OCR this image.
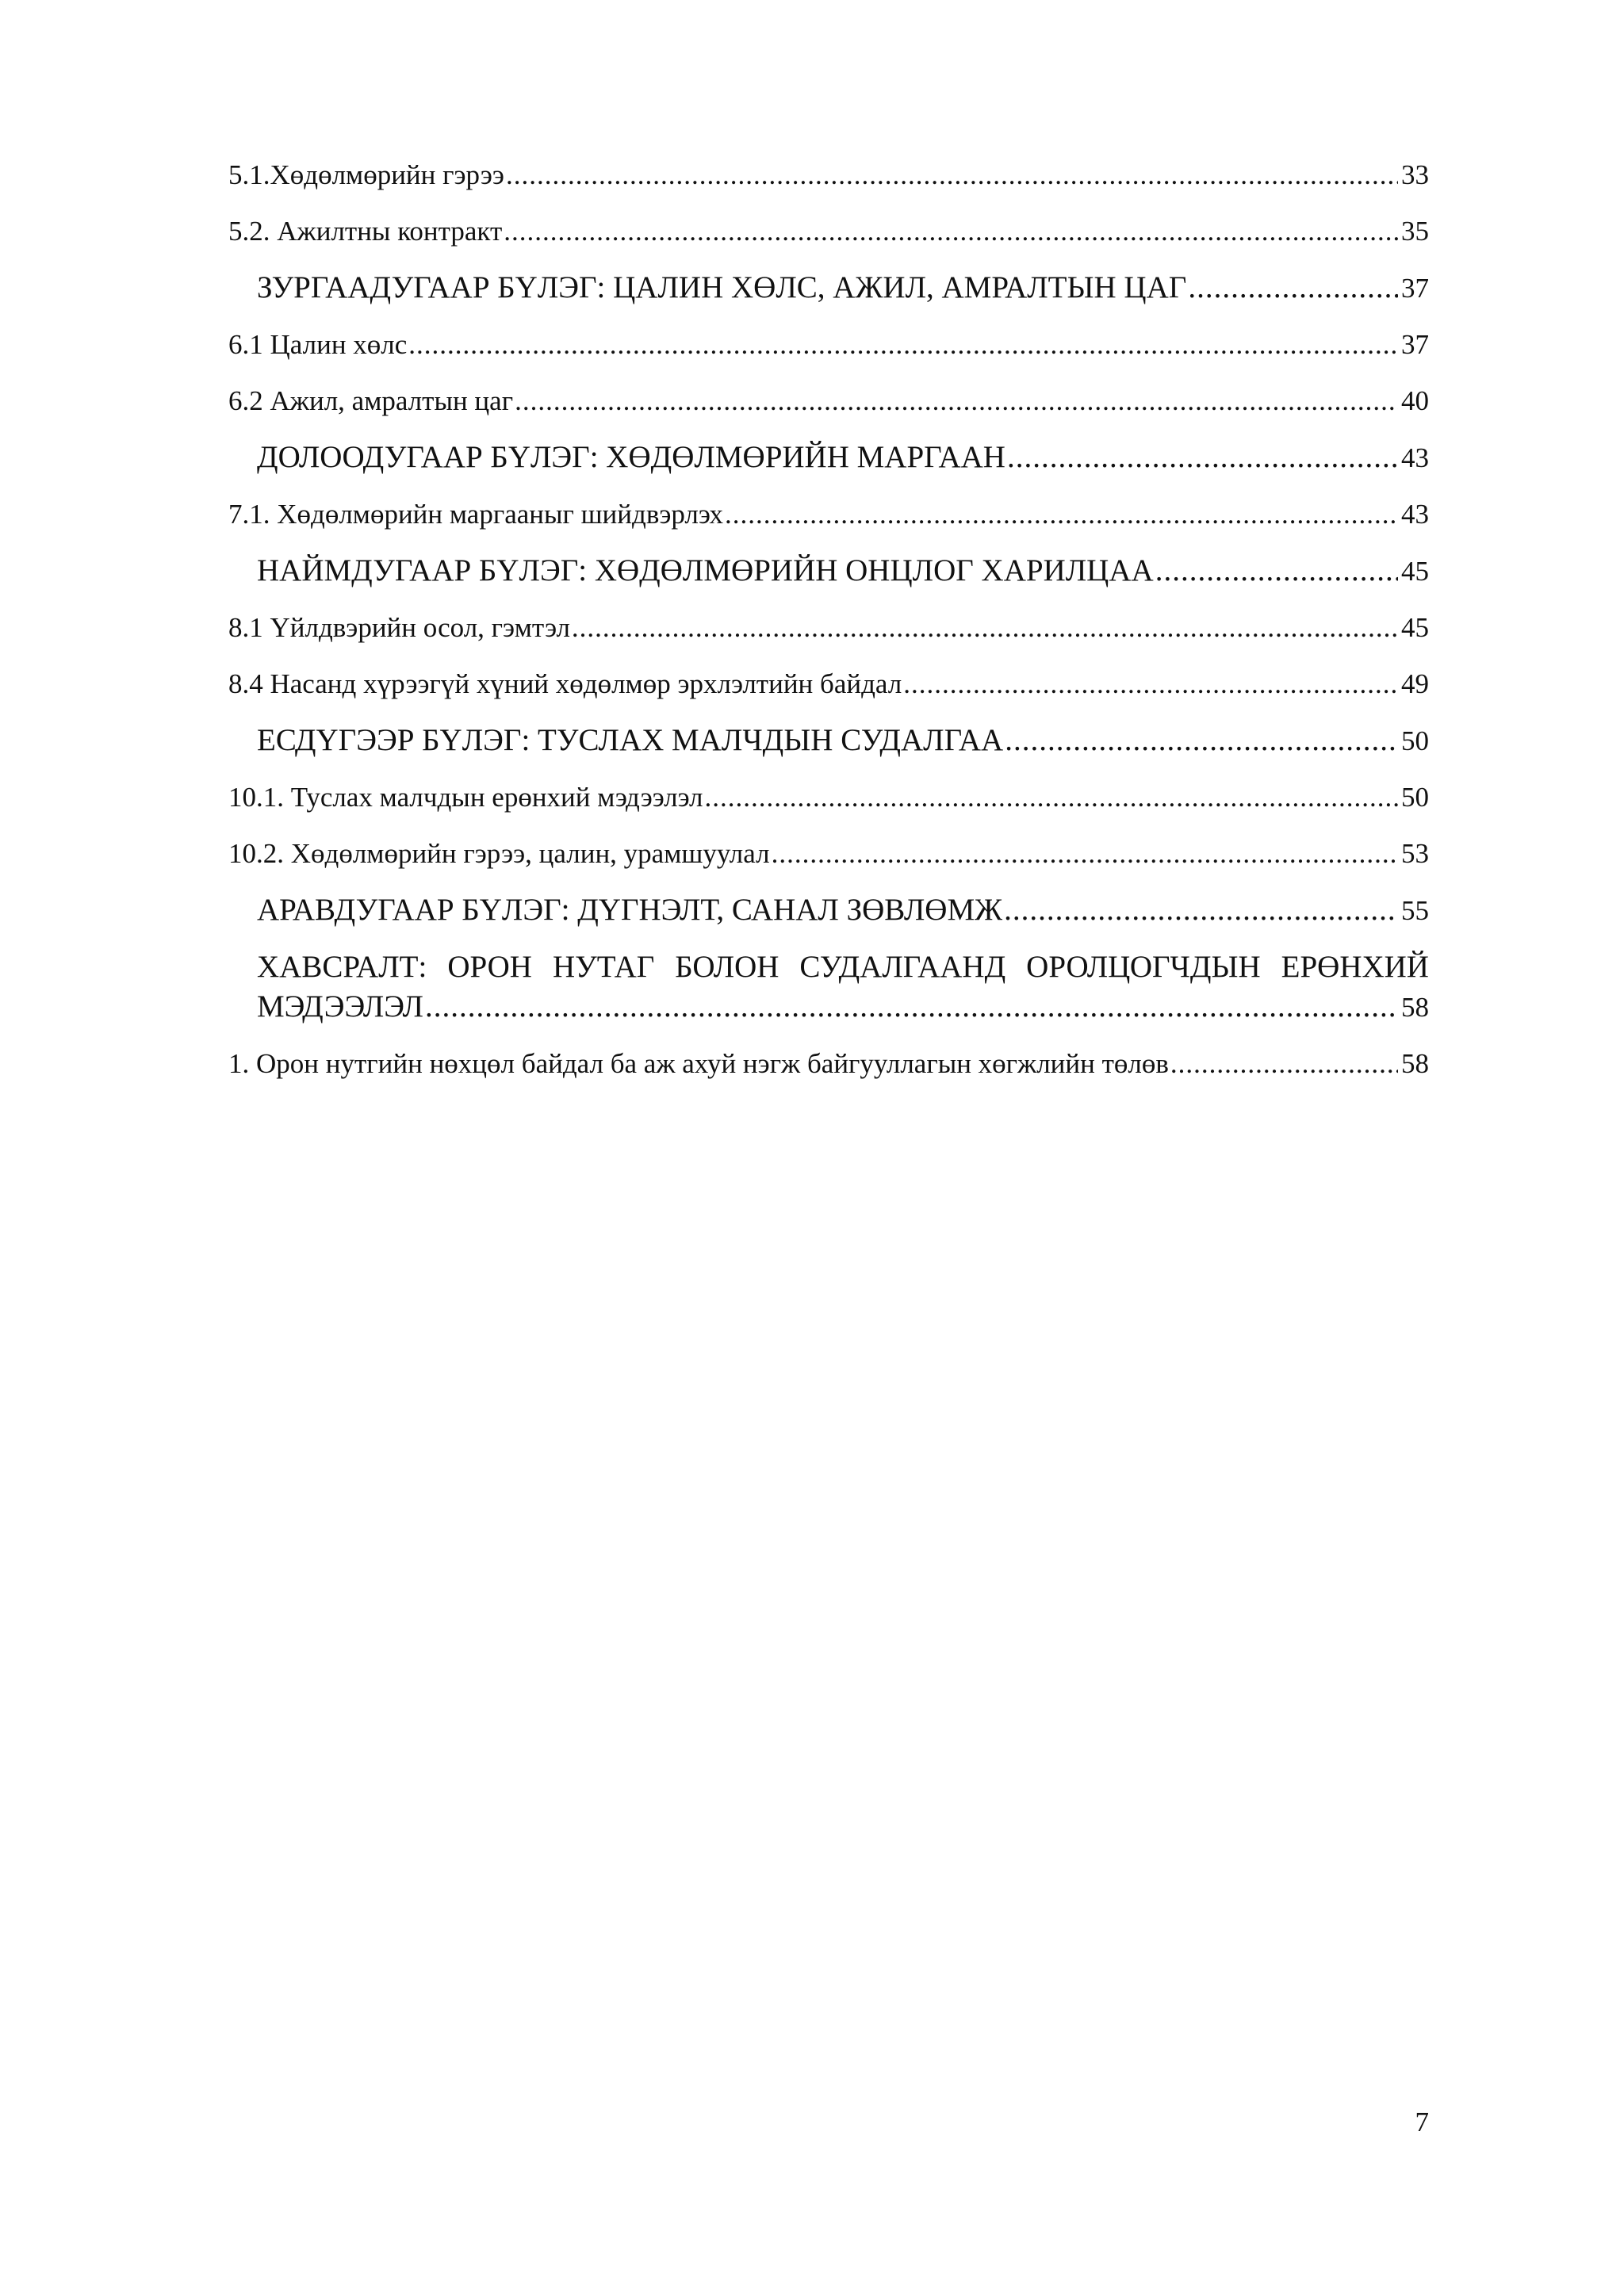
5.1.Хөдөлмөрийн гэрээ .....	33
5.2. Ажилтны контракт .....	35
ЗУРГААДУГААР БҮЛЭГ: ЦАЛИН ХӨЛС, АЖИЛ, АМРАЛТЫН ЦАГ .....	37
6.1 Цалин хөлс .....	37
6.2 Ажил, амралтын цаг .....	40
ДОЛООДУГААР БҮЛЭГ: ХӨДӨЛМӨРИЙН МАРГААН .....	43
7.1. Хөдөлмөрийн маргааныг шийдвэрлэх .....	43
НАЙМДУГААР БҮЛЭГ: ХӨДӨЛМӨРИЙН ОНЦЛОГ ХАРИЛЦАА .....	45
8.1 Үйлдвэрийн осол, гэмтэл .....	45
8.4 Насанд хүрээгүй хүний хөдөлмөр эрхлэлтийн байдал .....	49
ЕСДҮГЭЭР БҮЛЭГ: ТУСЛАХ МАЛЧДЫН СУДАЛГАА .....	50
10.1. Туслах малчдын ерөнхий мэдээлэл .....	50
10.2. Хөдөлмөрийн гэрээ, цалин, урамшуулал .....	53
АРАВДУГААР БҮЛЭГ: ДҮГНЭЛТ, САНАЛ ЗӨВЛӨМЖ .....	55
ХАВСРАЛТ: ОРОН НУТАГ БОЛОН СУДАЛГААНД ОРОЛЦОГЧДЫН ЕРӨНХИЙ
МЭДЭЭЛЭЛ .....	58
1. Орон нутгийн нөхцөл байдал ба аж ахуй нэгж байгууллагын хөгжлийн төлөв .....	58
7
